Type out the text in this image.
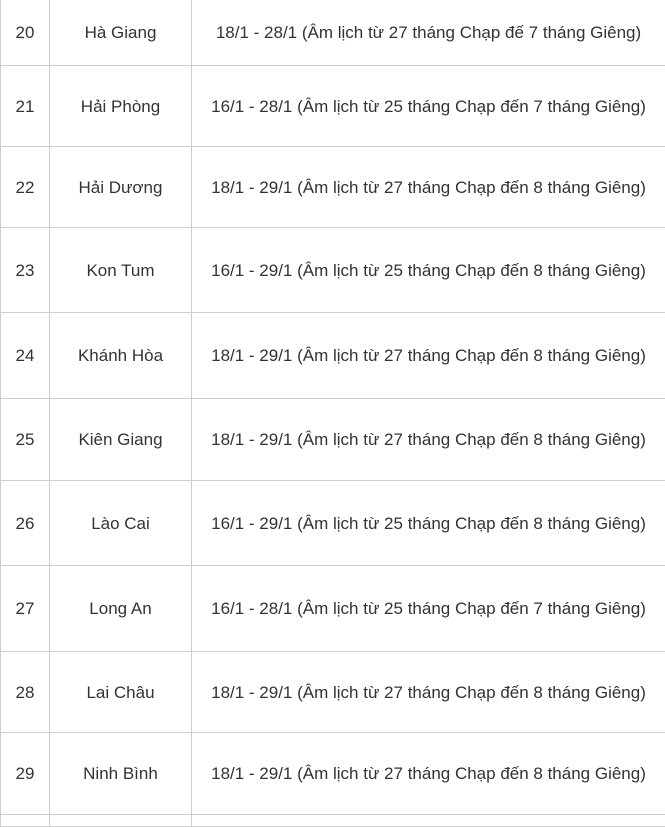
20	Hà Giang	18/1 - 28/1 (Âm lịch từ 27 tháng Chạp đế 7 tháng Giêng)
21	Hải Phòng	16/1 - 28/1 (Âm lịch từ 25 tháng Chạp đến 7 tháng Giêng)
22	Hải Dương	18/1 - 29/1 (Âm lịch từ 27 tháng Chạp đến 8 tháng Giêng)
23	Kon Tum	16/1 - 29/1 (Âm lịch từ 25 tháng Chạp đến 8 tháng Giêng)
24	Khánh Hòa	18/1 - 29/1 (Âm lịch từ 27 tháng Chạp đến 8 tháng Giêng)
25	Kiên Giang	18/1 - 29/1 (Âm lịch từ 27 tháng Chạp đến 8 tháng Giêng)
26	Lào Cai	16/1 - 29/1 (Âm lịch từ 25 tháng Chạp đến 8 tháng Giêng)
27	Long An	16/1 - 28/1 (Âm lịch từ 25 tháng Chạp đến 7 tháng Giêng)
28	Lai Châu	18/1 - 29/1 (Âm lịch từ 27 tháng Chạp đến 8 tháng Giêng)
29	Ninh Bình	18/1 - 29/1 (Âm lịch từ 27 tháng Chạp đến 8 tháng Giêng)
